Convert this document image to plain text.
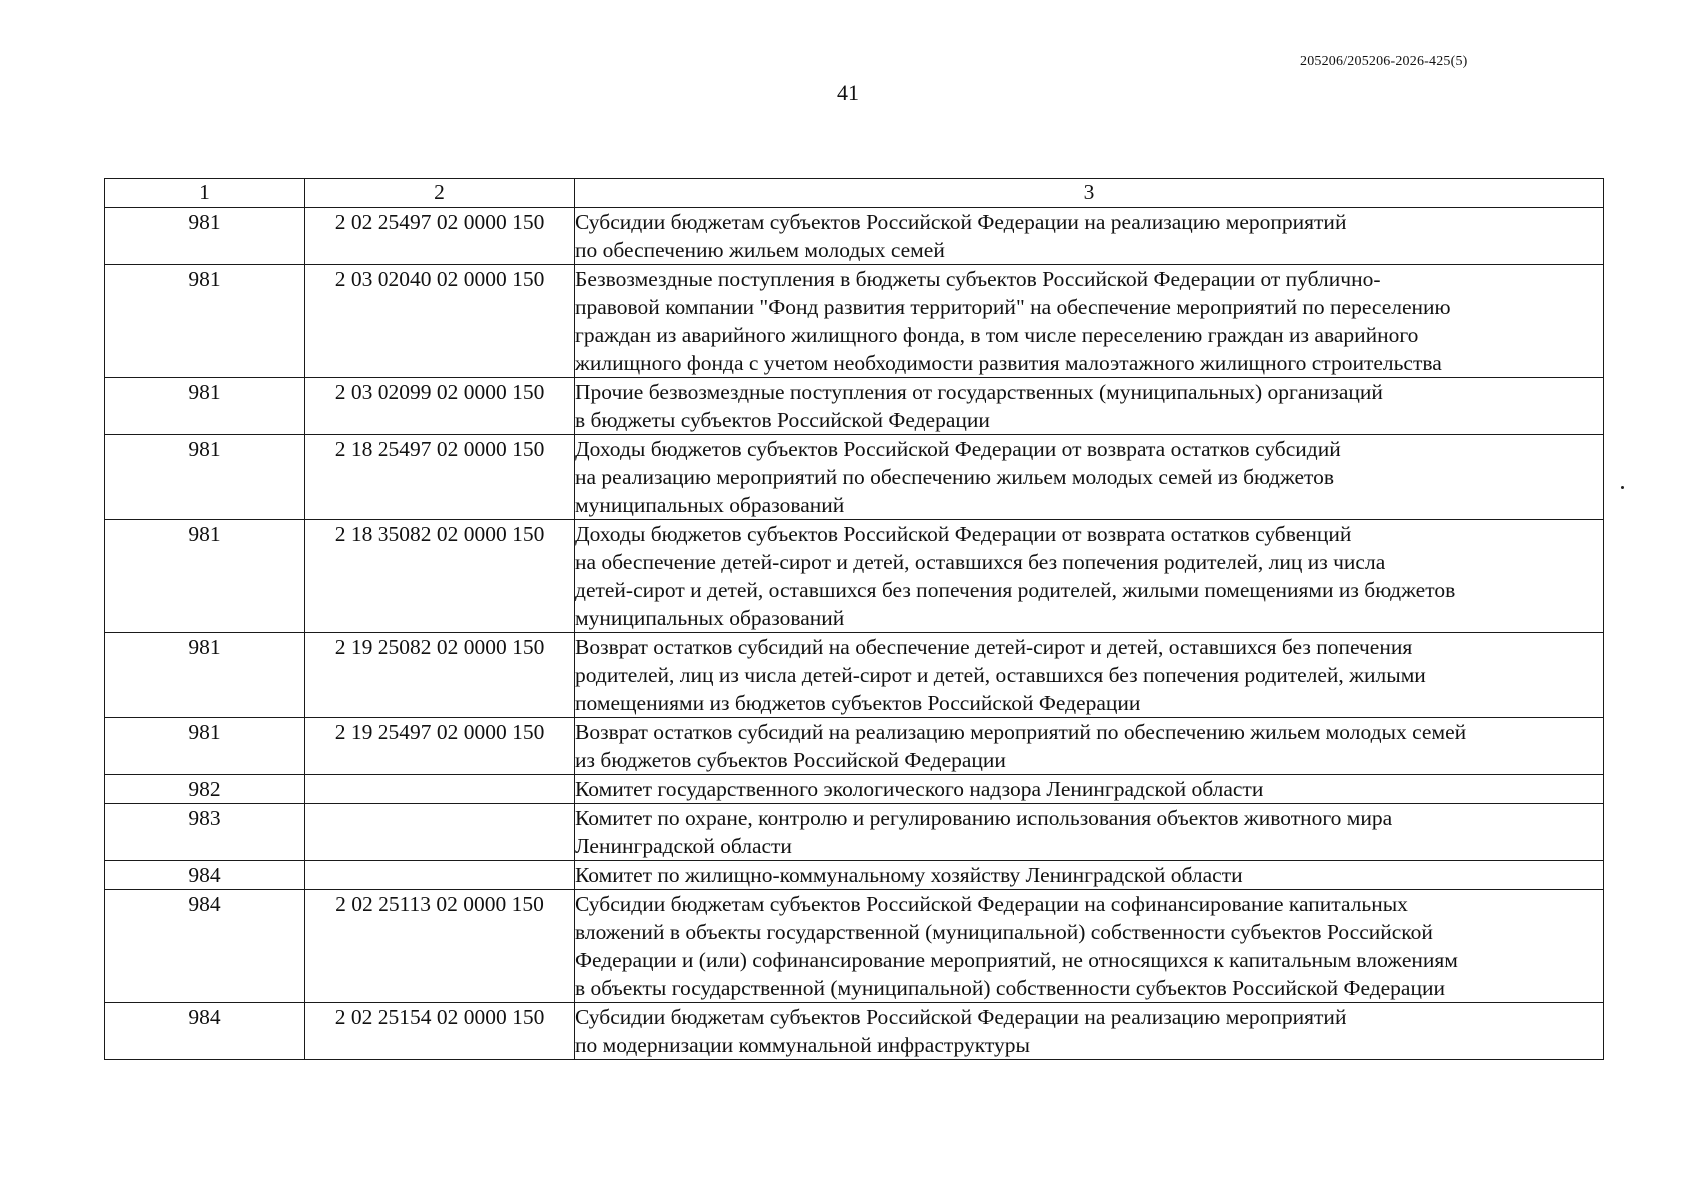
205206/205206-2026-425(5)
41
1	2	3
981	2 02 25497 02 0000 150	Субсидии бюджетам субъектов Российской Федерации на реализацию мероприятий
по обеспечению жильем молодых семей

981	2 03 02040 02 0000 150	Безвозмездные поступления в бюджеты субъектов Российской Федерации от публично-
правовой компании "Фонд развития территорий" на обеспечение мероприятий по переселению
граждан из аварийного жилищного фонда, в том числе переселению граждан из аварийного
жилищного фонда с учетом необходимости развития малоэтажного жилищного строительства

981	2 03 02099 02 0000 150	Прочие безвозмездные поступления от государственных (муниципальных) организаций
в бюджеты субъектов Российской Федерации

981	2 18 25497 02 0000 150	Доходы бюджетов субъектов Российской Федерации от возврата остатков субсидий
на реализацию мероприятий по обеспечению жильем молодых семей из бюджетов
муниципальных образований

981	2 18 35082 02 0000 150	Доходы бюджетов субъектов Российской Федерации от возврата остатков субвенций
на обеспечение детей-сирот и детей, оставшихся без попечения родителей, лиц из числа
детей-сирот и детей, оставшихся без попечения родителей, жилыми помещениями из бюджетов
муниципальных образований

981	2 19 25082 02 0000 150	Возврат остатков субсидий на обеспечение детей-сирот и детей, оставшихся без попечения
родителей, лиц из числа детей-сирот и детей, оставшихся без попечения родителей, жилыми
помещениями из бюджетов субъектов Российской Федерации

981	2 19 25497 02 0000 150	Возврат остатков субсидий на реализацию мероприятий по обеспечению жильем молодых семей
из бюджетов субъектов Российской Федерации

982		Комитет государственного экологического надзора Ленинградской области

983		Комитет по охране, контролю и регулированию использования объектов животного мира
Ленинградской области

984		Комитет по жилищно-коммунальному хозяйству Ленинградской области

984	2 02 25113 02 0000 150	Субсидии бюджетам субъектов Российской Федерации на софинансирование капитальных
вложений в объекты государственной (муниципальной) собственности субъектов Российской
Федерации и (или) софинансирование мероприятий, не относящихся к капитальным вложениям
в объекты государственной (муниципальной) собственности субъектов Российской Федерации

984	2 02 25154 02 0000 150	Субсидии бюджетам субъектов Российской Федерации на реализацию мероприятий
по модернизации коммунальной инфраструктуры
